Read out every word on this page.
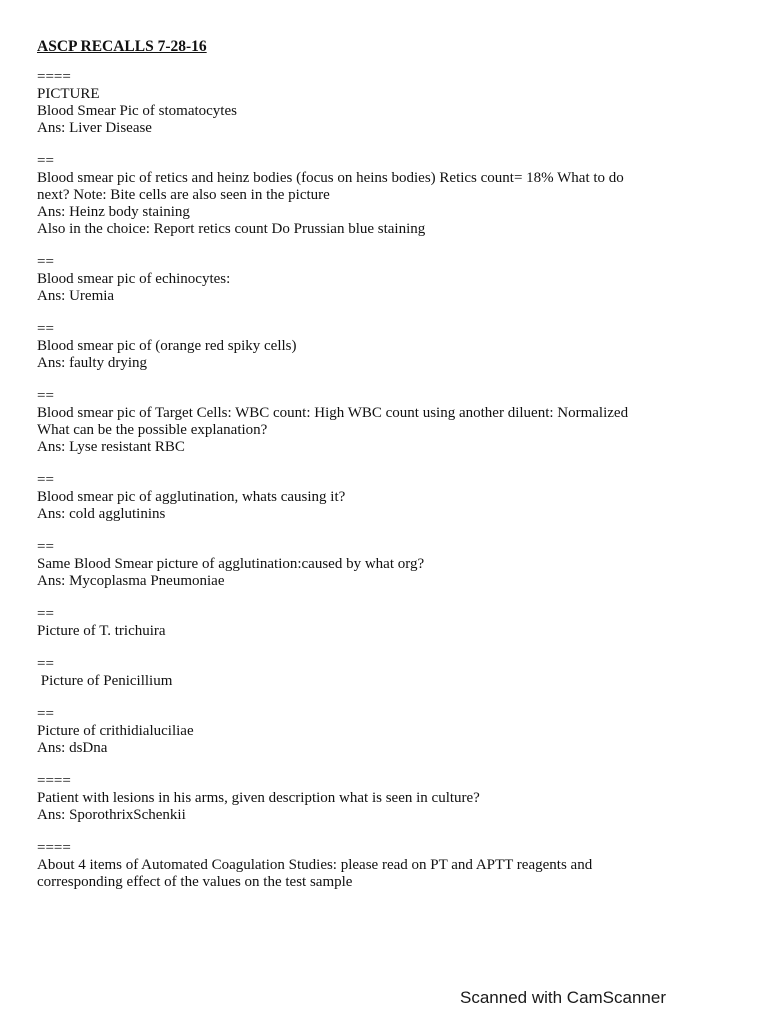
ASCP RECALLS 7-28-16
====
PICTURE
Blood Smear Pic of stomatocytes
Ans: Liver Disease
==
Blood smear pic of retics and heinz bodies (focus on heins bodies) Retics count= 18% What to do
next? Note: Bite cells are also seen in the picture
Ans: Heinz body staining
Also in the choice: Report retics count Do Prussian blue staining
==
Blood smear pic of echinocytes:
Ans: Uremia
==
Blood smear pic of (orange red spiky cells)
Ans: faulty drying
==
Blood smear pic of Target Cells: WBC count: High WBC count using another diluent: Normalized
What can be the possible explanation?
Ans: Lyse resistant RBC
==
Blood smear pic of agglutination, whats causing it?
Ans: cold agglutinins
==
Same Blood Smear picture of agglutination:caused by what org?
Ans: Mycoplasma Pneumoniae
==
Picture of T. trichuira
==
Picture of Penicillium
==
Picture of crithidialuciliae
Ans: dsDna
====
Patient with lesions in his arms, given description what is seen in culture?
Ans: SporothrixSchenkii
====
About 4 items of Automated Coagulation Studies: please read on PT and APTT reagents and
corresponding effect of the values on the test sample
Scanned with CamScanner
